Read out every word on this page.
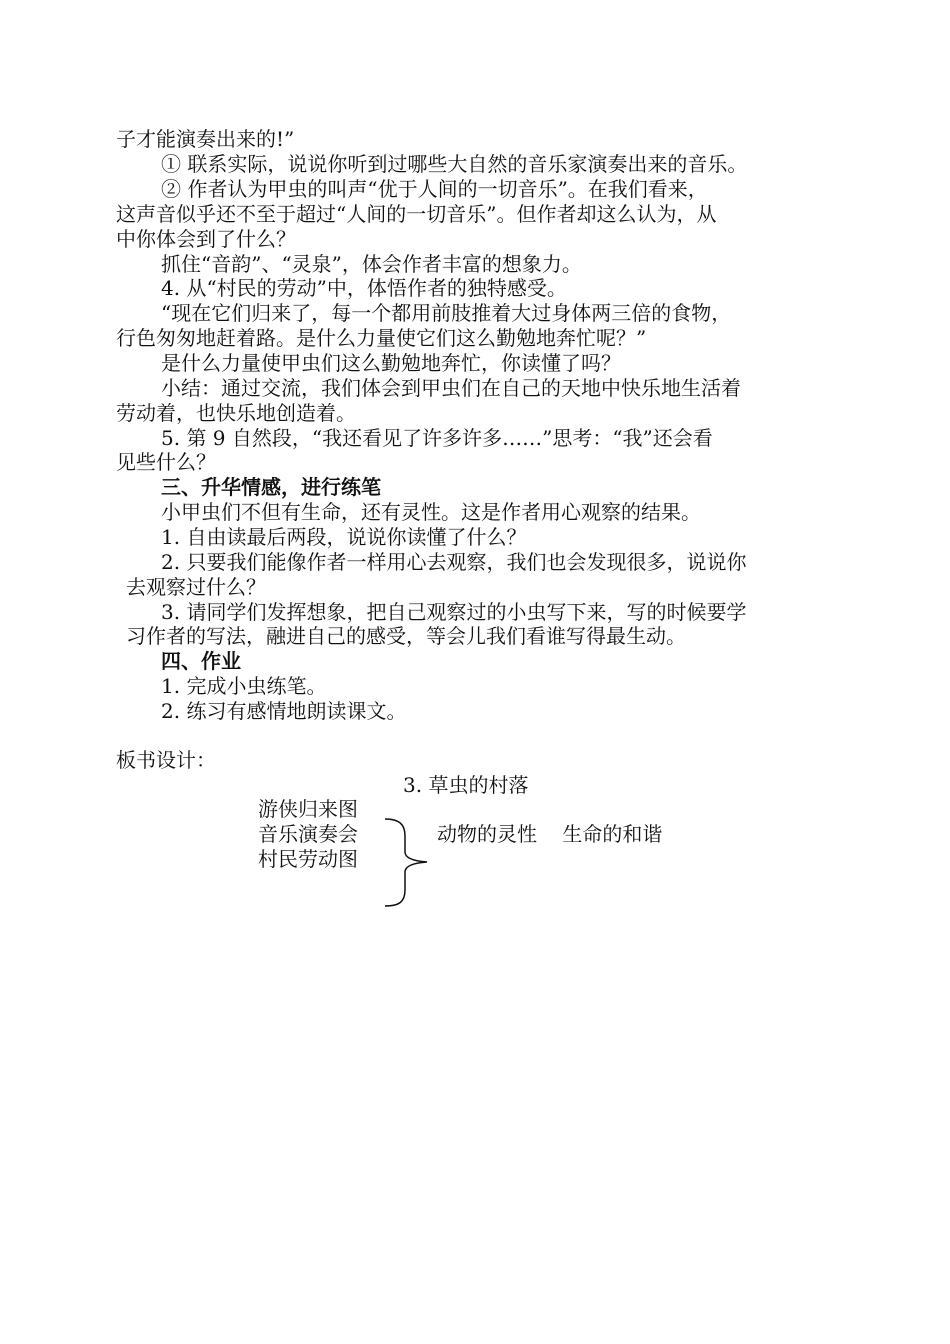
子才能演奏出来的!”
① 联系实际，说说你听到过哪些大自然的音乐家演奏出来的音乐。
② 作者认为甲虫的叫声“优于人间的一切音乐”。在我们看来，
这声音似乎还不至于超过“人间的一切音乐”。但作者却这么认为，从
中你体会到了什么？
抓住“音韵”、“灵泉”，体会作者丰富的想象力。
4. 从“村民的劳动”中，体悟作者的独特感受。
“现在它们归来了，每一个都用前肢推着大过身体两三倍的食物，
行色匆匆地赶着路。是什么力量使它们这么勤勉地奔忙呢？”
是什么力量使甲虫们这么勤勉地奔忙，你读懂了吗？
小结：通过交流，我们体会到甲虫们在自己的天地中快乐地生活着
劳动着，也快乐地创造着。
5. 第 9 自然段，“我还看见了许多许多……”思考：“我”还会看
见些什么？
三、升华情感，进行练笔
小甲虫们不但有生命，还有灵性。这是作者用心观察的结果。
1. 自由读最后两段，说说你读懂了什么？
2. 只要我们能像作者一样用心去观察，我们也会发现很多，说说你
去观察过什么？
3. 请同学们发挥想象，把自己观察过的小虫写下来，写的时候要学
习作者的写法，融进自己的感受，等会儿我们看谁写得最生动。
四、作业
1. 完成小虫练笔。
2. 练习有感情地朗读课文。
板书设计：
3. 草虫的村落
游侠归来图
音乐演奏会
村民劳动图
动物的灵性    生命的和谐
